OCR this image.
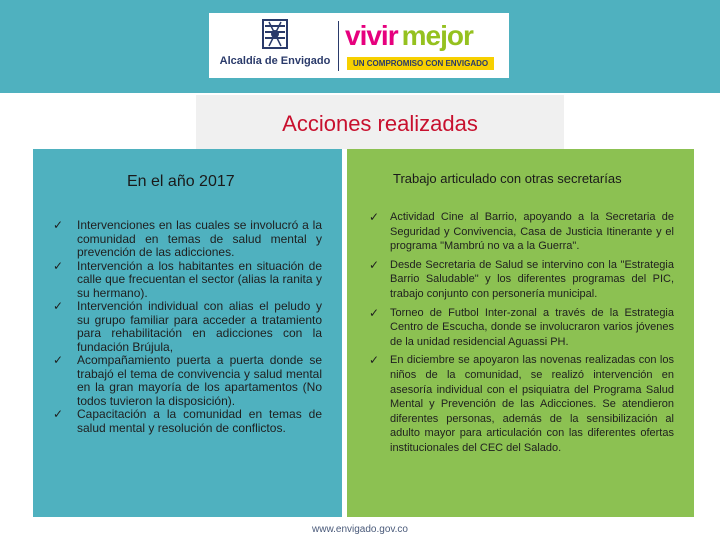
Alcaldía de Envigado
vivir mejor
UN COMPROMISO CON ENVIGADO
Acciones realizadas
En el año 2017
✓ Intervenciones en las cuales se involucró a la comunidad en temas de salud mental y prevención de las adicciones.
✓ Intervención a los habitantes en situación de calle que frecuentan el sector (alias la ranita y su hermano).
✓ Intervención individual con alias el peludo y su grupo familiar para acceder a tratamiento para rehabilitación en adicciones con la fundación Brújula,
✓ Acompañamiento puerta a puerta donde se trabajó el tema de convivencia y salud mental en la gran mayoría de los apartamentos (No todos tuvieron la disposición).
✓ Capacitación a la comunidad en temas de salud mental y resolución de conflictos.
Trabajo articulado con otras secretarías
✓ Actividad Cine al Barrio, apoyando a la Secretaria de Seguridad y Convivencia, Casa de Justicia Itinerante y el programa "Mambrú no va a la Guerra".
✓ Desde Secretaria de Salud se intervino con la "Estrategia Barrio Saludable" y los diferentes programas del PIC, trabajo conjunto con personería municipal.
✓ Torneo de Futbol Inter-zonal a través de la Estrategia Centro de Escucha, donde se involucraron varios jóvenes de la unidad residencial Aguassi PH.
✓ En diciembre se apoyaron las novenas realizadas con los niños de la comunidad, se realizó intervención en asesoría individual con el psiquiatra del Programa Salud Mental y Prevención de las Adicciones. Se atendieron diferentes personas, además de la sensibilización al adulto mayor para articulación con las diferentes ofertas institucionales del CEC del Salado.
www.envigado.gov.co
